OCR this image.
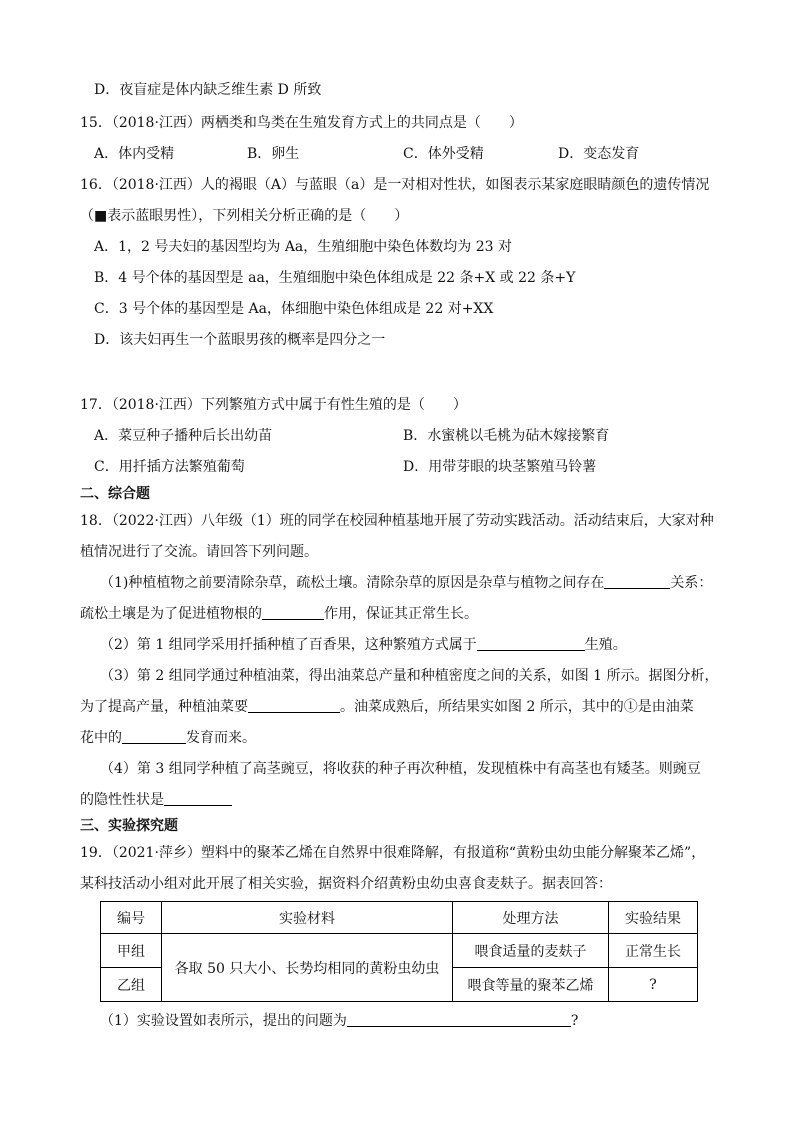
D．夜盲症是体内缺乏维生素 D 所致
15．（2018·江西）两栖类和鸟类在生殖发育方式上的共同点是（　　）
A．体内受精	B．卵生	C．体外受精	D．变态发育
16．（2018·江西）人的褐眼（A）与蓝眼（a）是一对相对性状，如图表示某家庭眼睛颜色的遗传情况
（■表示蓝眼男性），下列相关分析正确的是（　　）
A．1，2 号夫妇的基因型均为 Aa，生殖细胞中染色体数均为 23 对
B．4 号个体的基因型是 aa，生殖细胞中染色体组成是 22 条+X 或 22 条+Y
C．3 号个体的基因型是 Aa，体细胞中染色体组成是 22 对+XX
D．该夫妇再生一个蓝眼男孩的概率是四分之一
17．（2018·江西）下列繁殖方式中属于有性生殖的是（　　）
A．菜豆种子播种后长出幼苗	B．水蜜桃以毛桃为砧木嫁接繁育
C．用扦插方法繁殖葡萄	D．用带芽眼的块茎繁殖马铃薯
二、综合题
18．（2022·江西）八年级（1）班的同学在校园种植基地开展了劳动实践活动。活动结束后，大家对种
植情况进行了交流。请回答下列问题。
（1)种植植物之前要清除杂草，疏松土壤。清除杂草的原因是杂草与植物之间存在	关系：
疏松土壤是为了促进植物根的	作用，保证其正常生长。
（2）第 1 组同学采用扦插种植了百香果，这种繁殖方式属于	生殖。
（3）第 2 组同学通过种植油菜，得出油菜总产量和种植密度之间的关系，如图 1 所示。据图分析，
为了提高产量，种植油菜要	。油菜成熟后，所结果实如图 2 所示，其中的①是由油菜
花中的	发育而来。
（4）第 3 组同学种植了高茎豌豆，将收获的种子再次种植，发现植株中有高茎也有矮茎。则豌豆
的隐性性状是
三、实验探究题
19．（2021·萍乡）塑料中的聚苯乙烯在自然界中很难降解，有报道称“黄粉虫幼虫能分解聚苯乙烯”，
某科技活动小组对此开展了相关实验，据资料介绍黄粉虫幼虫喜食麦麸子。据表回答：
编号	实验材料	处理方法	实验结果
甲组	各取 50 只大小、长势均相同的黄粉虫幼虫	喂食适量的麦麸子	正常生长
乙组		喂食等量的聚苯乙烯	?
（1）实验设置如表所示，提出的问题为	?
